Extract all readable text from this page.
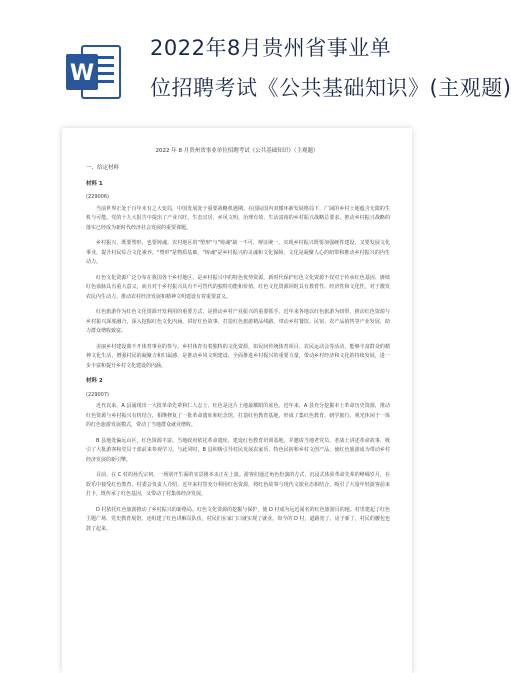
W
2022年8月贵州省事业单
位招聘考试《公共基础知识》(主观题)
2022 年 8 月贵州省事业单位招聘考试《公共基础知识》（主观题）
一、给定材料
材料 1
(229006)

当前世界正处于百年未有之大变局，中国发展处于重要战略机遇期。在国际国内双循环新发展格局下，广阔的乡村土地蕴含无限的生机与可能。党的十九大报告中提出了产业兴旺、生态宜居、乡风文明、治理有效、生活富裕的乡村振兴战略总要求，推动乡村振兴战略的落实已经成为新时代经济社会发展的重要课题。

乡村振兴，既要塑形，也要铸魂。农村地区的"塑形"与"铸魂"缺一不可、辩证统一，实现乡村振兴既要加强硬件建设，又要发展文化事业，提升村民综合文化素养。"塑形"是物质基础，"铸魂"是乡村振兴的灵魂和文化保障，文化是凝聚人心的纽带和推动乡村振兴的内生动力。

红色文化资源广泛分布在我国各个乡村地区，是乡村振兴中的特色优势资源。新时代保护红色文化资源不仅对于传承红色基因、赓续红色血脉具有重大意义，而且对于乡村振兴具有不可替代的独特功能和价值。红色文化资源同时具有教育性、经济性和文化性，对于激发农民内生动力、推动农村经济发展和精神文明建设有着重要意义。

红色旅游作为红色文化资源开发利用的重要方式，是推动乡村产业振兴的重要抓手。近年来各地以红色旅游为纽带，推动红色资源与乡村振兴深度融合，深入挖掘红色文化内涵，讲好红色故事，打造红色旅游精品线路，带动乡村餐饮、民宿、农产品销售等产业发展，助力群众增收致富。

美丽乡村建设离不开体育事业的参与。乡村体育有着独特的文化资源，如民间传统体育项目、农民运动会等活动，能够丰富群众的精神文化生活，增强村民的凝聚力和归属感，是推动乡风文明建设、全面推进乡村振兴的重要力量，带动乡村经济和文化的持续发展，进一步丰富和提升乡村文化建设的内涵。

材料 2
(229007)

近代以来，A 县涌现出一大批革命先辈和仁人志士，红色是这片土地最耀眼的底色。近年来，A 县充分挖掘本土革命历史资源，推动红色资源与乡村振兴有机结合，相继修复了一批革命遗址和纪念馆，打造红色教育基地，形成了集红色教育、研学旅行、观光休闲于一体的红色旅游发展模式，带动了当地群众就业增收。

B 县地处偏远山区，红色资源丰富。当地政府依托革命遗址，建设红色教育培训基地，并邀请当地老党员、老战士讲述革命故事，吸引了大批游客和党员干部前来参观学习。与此同时，B 县积极引导村民发展农家乐、特色民宿和乡村文创产品，使红色旅游成为带动乡村经济发展的新引擎。

目前，在 C 村的孙氏宗祠，一场别开生面的实景剧本杀正在上演。游客们通过角色扮演的方式，沉浸式体验革命先辈的峥嵘岁月，在娱乐中接受红色教育。村委会负责人介绍，近年来村里充分利用红色资源，将红色故事与现代文旅业态相结合，吸引了大量年轻游客前来打卡，既传承了红色基因，又带动了村集体经济发展。

D 村依托红色旅游推动了乡村振兴的新格局。红色文化资源的挖掘与保护，使 D 村成为远近闻名的红色旅游目的地。村里建起了红色主题广场、党史教育展馆，还组建了红色讲解员队伍，村民们在家门口就实现了就业。如今的 D 村，道路宽了，房子新了，村民的腰包也鼓了起来。
